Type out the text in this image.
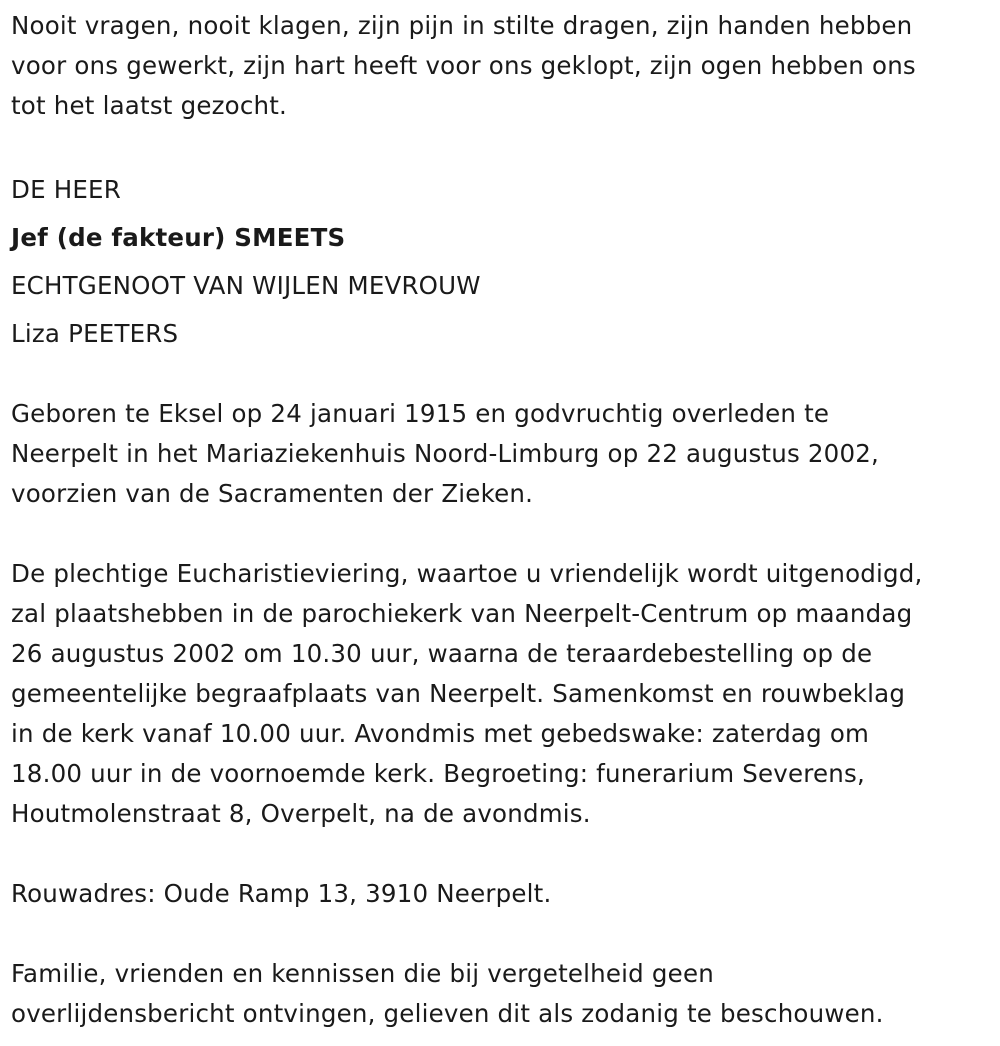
Nooit vragen, nooit klagen, zijn pijn in stilte dragen, zijn handen hebben

voor ons gewerkt, zijn hart heeft voor ons geklopt, zijn ogen hebben ons

tot het laatst gezocht.

DE HEER

Jef (de fakteur) SMEETS

ECHTGENOOT VAN WIJLEN MEVROUW

Liza PEETERS

Geboren te Eksel op 24 januari 1915 en godvruchtig overleden te

Neerpelt in het Mariaziekenhuis Noord-Limburg op 22 augustus 2002,

voorzien van de Sacramenten der Zieken.

De plechtige Eucharistieviering, waartoe u vriendelijk wordt uitgenodigd,

zal plaatshebben in de parochiekerk van Neerpelt-Centrum op maandag

26 augustus 2002 om 10.30 uur, waarna de teraardebestelling op de

gemeentelijke begraafplaats van Neerpelt. Samenkomst en rouwbeklag

in de kerk vanaf 10.00 uur. Avondmis met gebedswake: zaterdag om

18.00 uur in de voornoemde kerk. Begroeting: funerarium Severens,

Houtmolenstraat 8, Overpelt, na de avondmis.

Rouwadres: Oude Ramp 13, 3910 Neerpelt.

Familie, vrienden en kennissen die bij vergetelheid geen

overlijdensbericht ontvingen, gelieven dit als zodanig te beschouwen.
